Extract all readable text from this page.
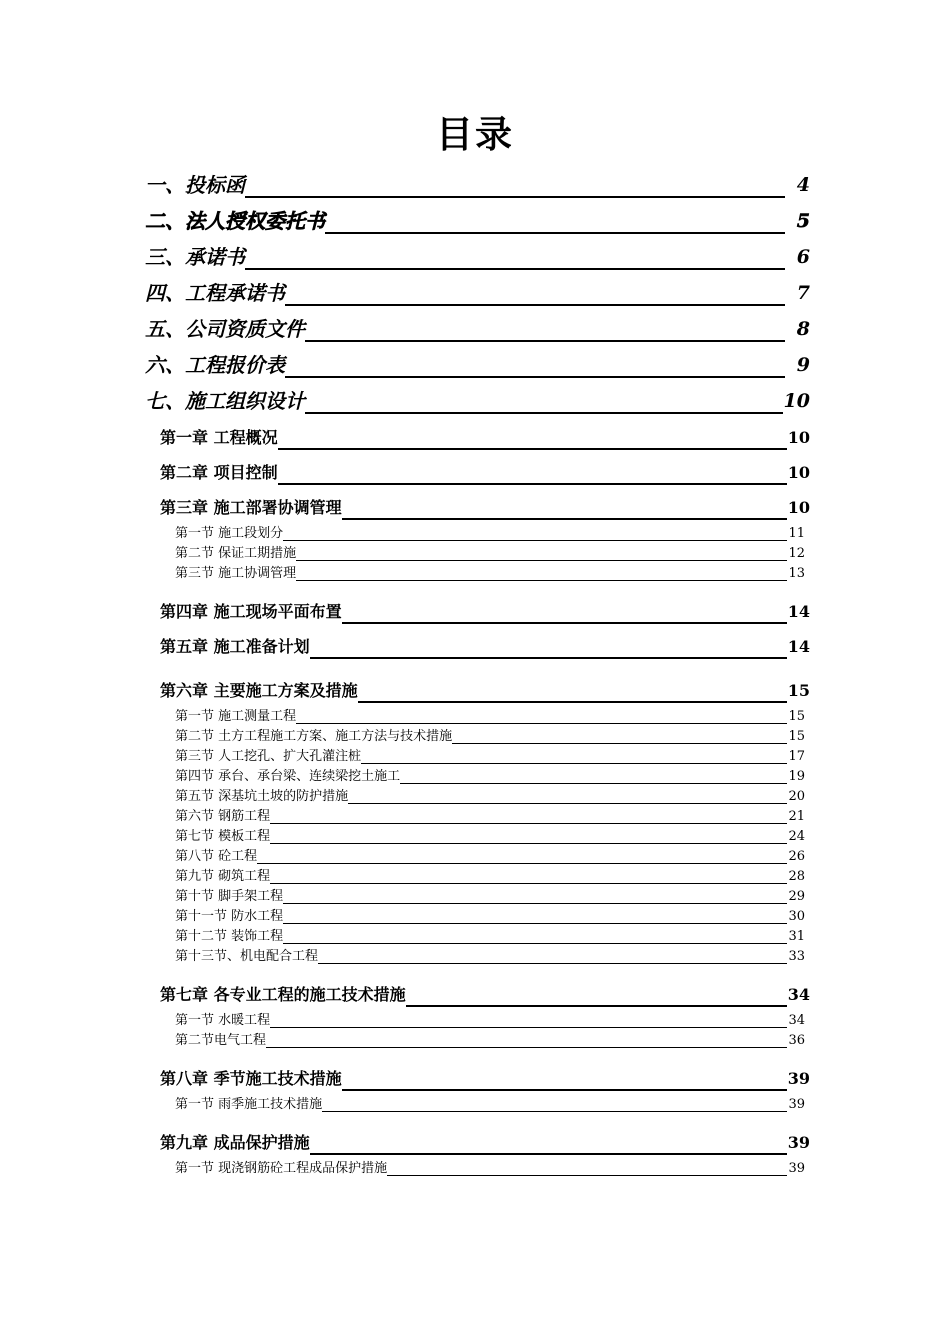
目录
一、投标函	4
二、法人授权委托书	5
三、承诺书	6
四、工程承诺书	7
五、公司资质文件	8
六、工程报价表	9
七、施工组织设计	10
第一章 工程概况	10
第二章 项目控制	10
第三章 施工部署协调管理	10
第一节 施工段划分	11
第二节 保证工期措施	12
第三节 施工协调管理	13
第四章 施工现场平面布置	14
第五章 施工准备计划	14
第六章 主要施工方案及措施	15
第一节 施工测量工程	15
第二节 土方工程施工方案、施工方法与技术措施	15
第三节 人工挖孔、扩大孔灌注桩	17
第四节 承台、承台梁、连续梁挖土施工	19
第五节 深基坑土坡的防护措施	20
第六节 钢筋工程	21
第七节 模板工程	24
第八节 砼工程	26
第九节 砌筑工程	28
第十节 脚手架工程	29
第十一节 防水工程	30
第十二节 装饰工程	31
第十三节、机电配合工程	33
第七章 各专业工程的施工技术措施	34
第一节 水暖工程	34
第二节电气工程	36
第八章 季节施工技术措施	39
第一节 雨季施工技术措施	39
第九章 成品保护措施	39
第一节 现浇钢筋砼工程成品保护措施	39
